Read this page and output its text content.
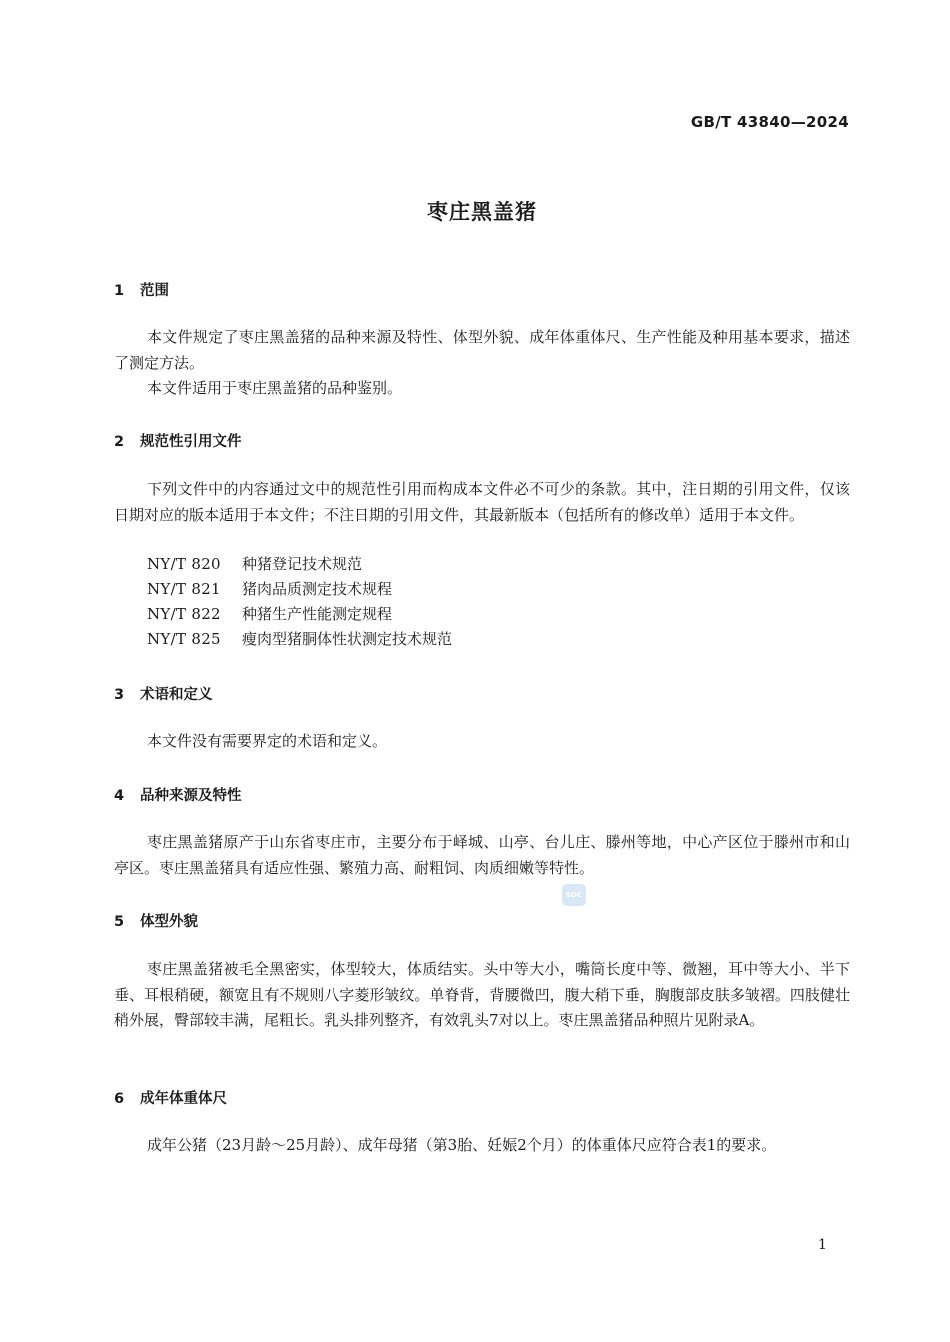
GB/T 43840—2024
枣庄黑盖猪
1 范围

本文件规定了枣庄黑盖猪的品种来源及特性、体型外貌、成年体重体尺、生产性能及种用基本要求，描述了测定方法。

本文件适用于枣庄黑盖猪的品种鉴别。

2 规范性引用文件

下列文件中的内容通过文中的规范性引用而构成本文件必不可少的条款。其中，注日期的引用文件，仅该日期对应的版本适用于本文件；不注日期的引用文件，其最新版本（包括所有的修改单）适用于本文件。

NY/T 820 种猪登记技术规范
NY/T 821 猪肉品质测定技术规程
NY/T 822 种猪生产性能测定规程
NY/T 825 瘦肉型猪胴体性状测定技术规范
3 术语和定义

本文件没有需要界定的术语和定义。

4 品种来源及特性

枣庄黑盖猪原产于山东省枣庄市，主要分布于峄城、山亭、台儿庄、滕州等地，中心产区位于滕州市和山亭区。枣庄黑盖猪具有适应性强、繁殖力高、耐粗饲、肉质细嫩等特性。

SDC
5 体型外貌

枣庄黑盖猪被毛全黑密实，体型较大，体质结实。头中等大小，嘴筒长度中等、微翘，耳中等大小、半下垂、耳根稍硬，额宽且有不规则八字菱形皱纹。单脊背，背腰微凹，腹大稍下垂，胸腹部皮肤多皱褶。四肢健壮稍外展，臀部较丰满，尾粗长。乳头排列整齐，有效乳头7对以上。枣庄黑盖猪品种照片见附录A。

6 成年体重体尺

成年公猪（23月龄～25月龄）、成年母猪（第3胎、妊娠2个月）的体重体尺应符合表1的要求。

1
